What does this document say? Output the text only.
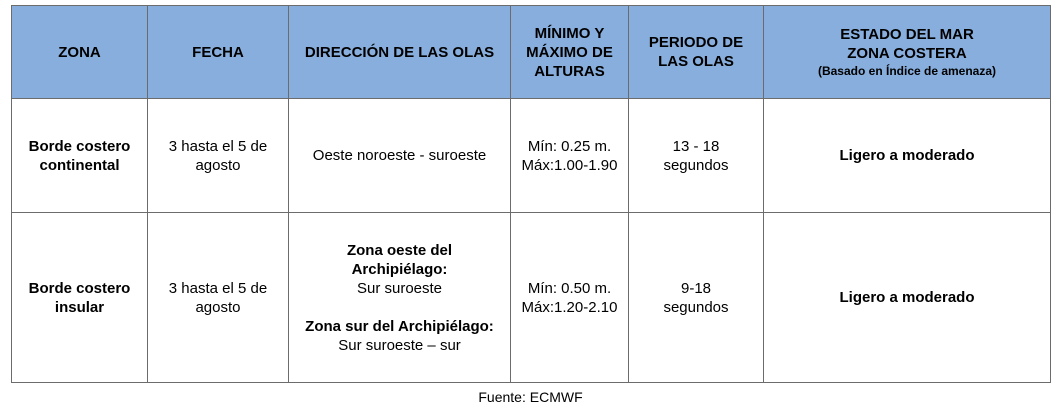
ZONA	FECHA	DIRECCIÓN DE LAS OLAS	MÍNIMO Y
MÁXIMO DE
ALTURAS	PERIODO DE
LAS OLAS	ESTADO DEL MAR
ZONA COSTERA
(Basado en Índice de amenaza)

Borde costero
continental	3 hasta el 5 de
agosto	Oeste noroeste - suroeste	Mín: 0.25 m.
Máx:1.00-1.90	13 - 18
segundos	Ligero a moderado
Borde costero
insular	3 hasta el 5 de
agosto	Zona oeste del
Archipiélago:
Sur suroeste
Zona sur del Archipiélago:
Sur suroeste – sur	Mín: 0.50 m.
Máx:1.20-2.10	9-18
segundos	Ligero a moderado
Fuente: ECMWF
